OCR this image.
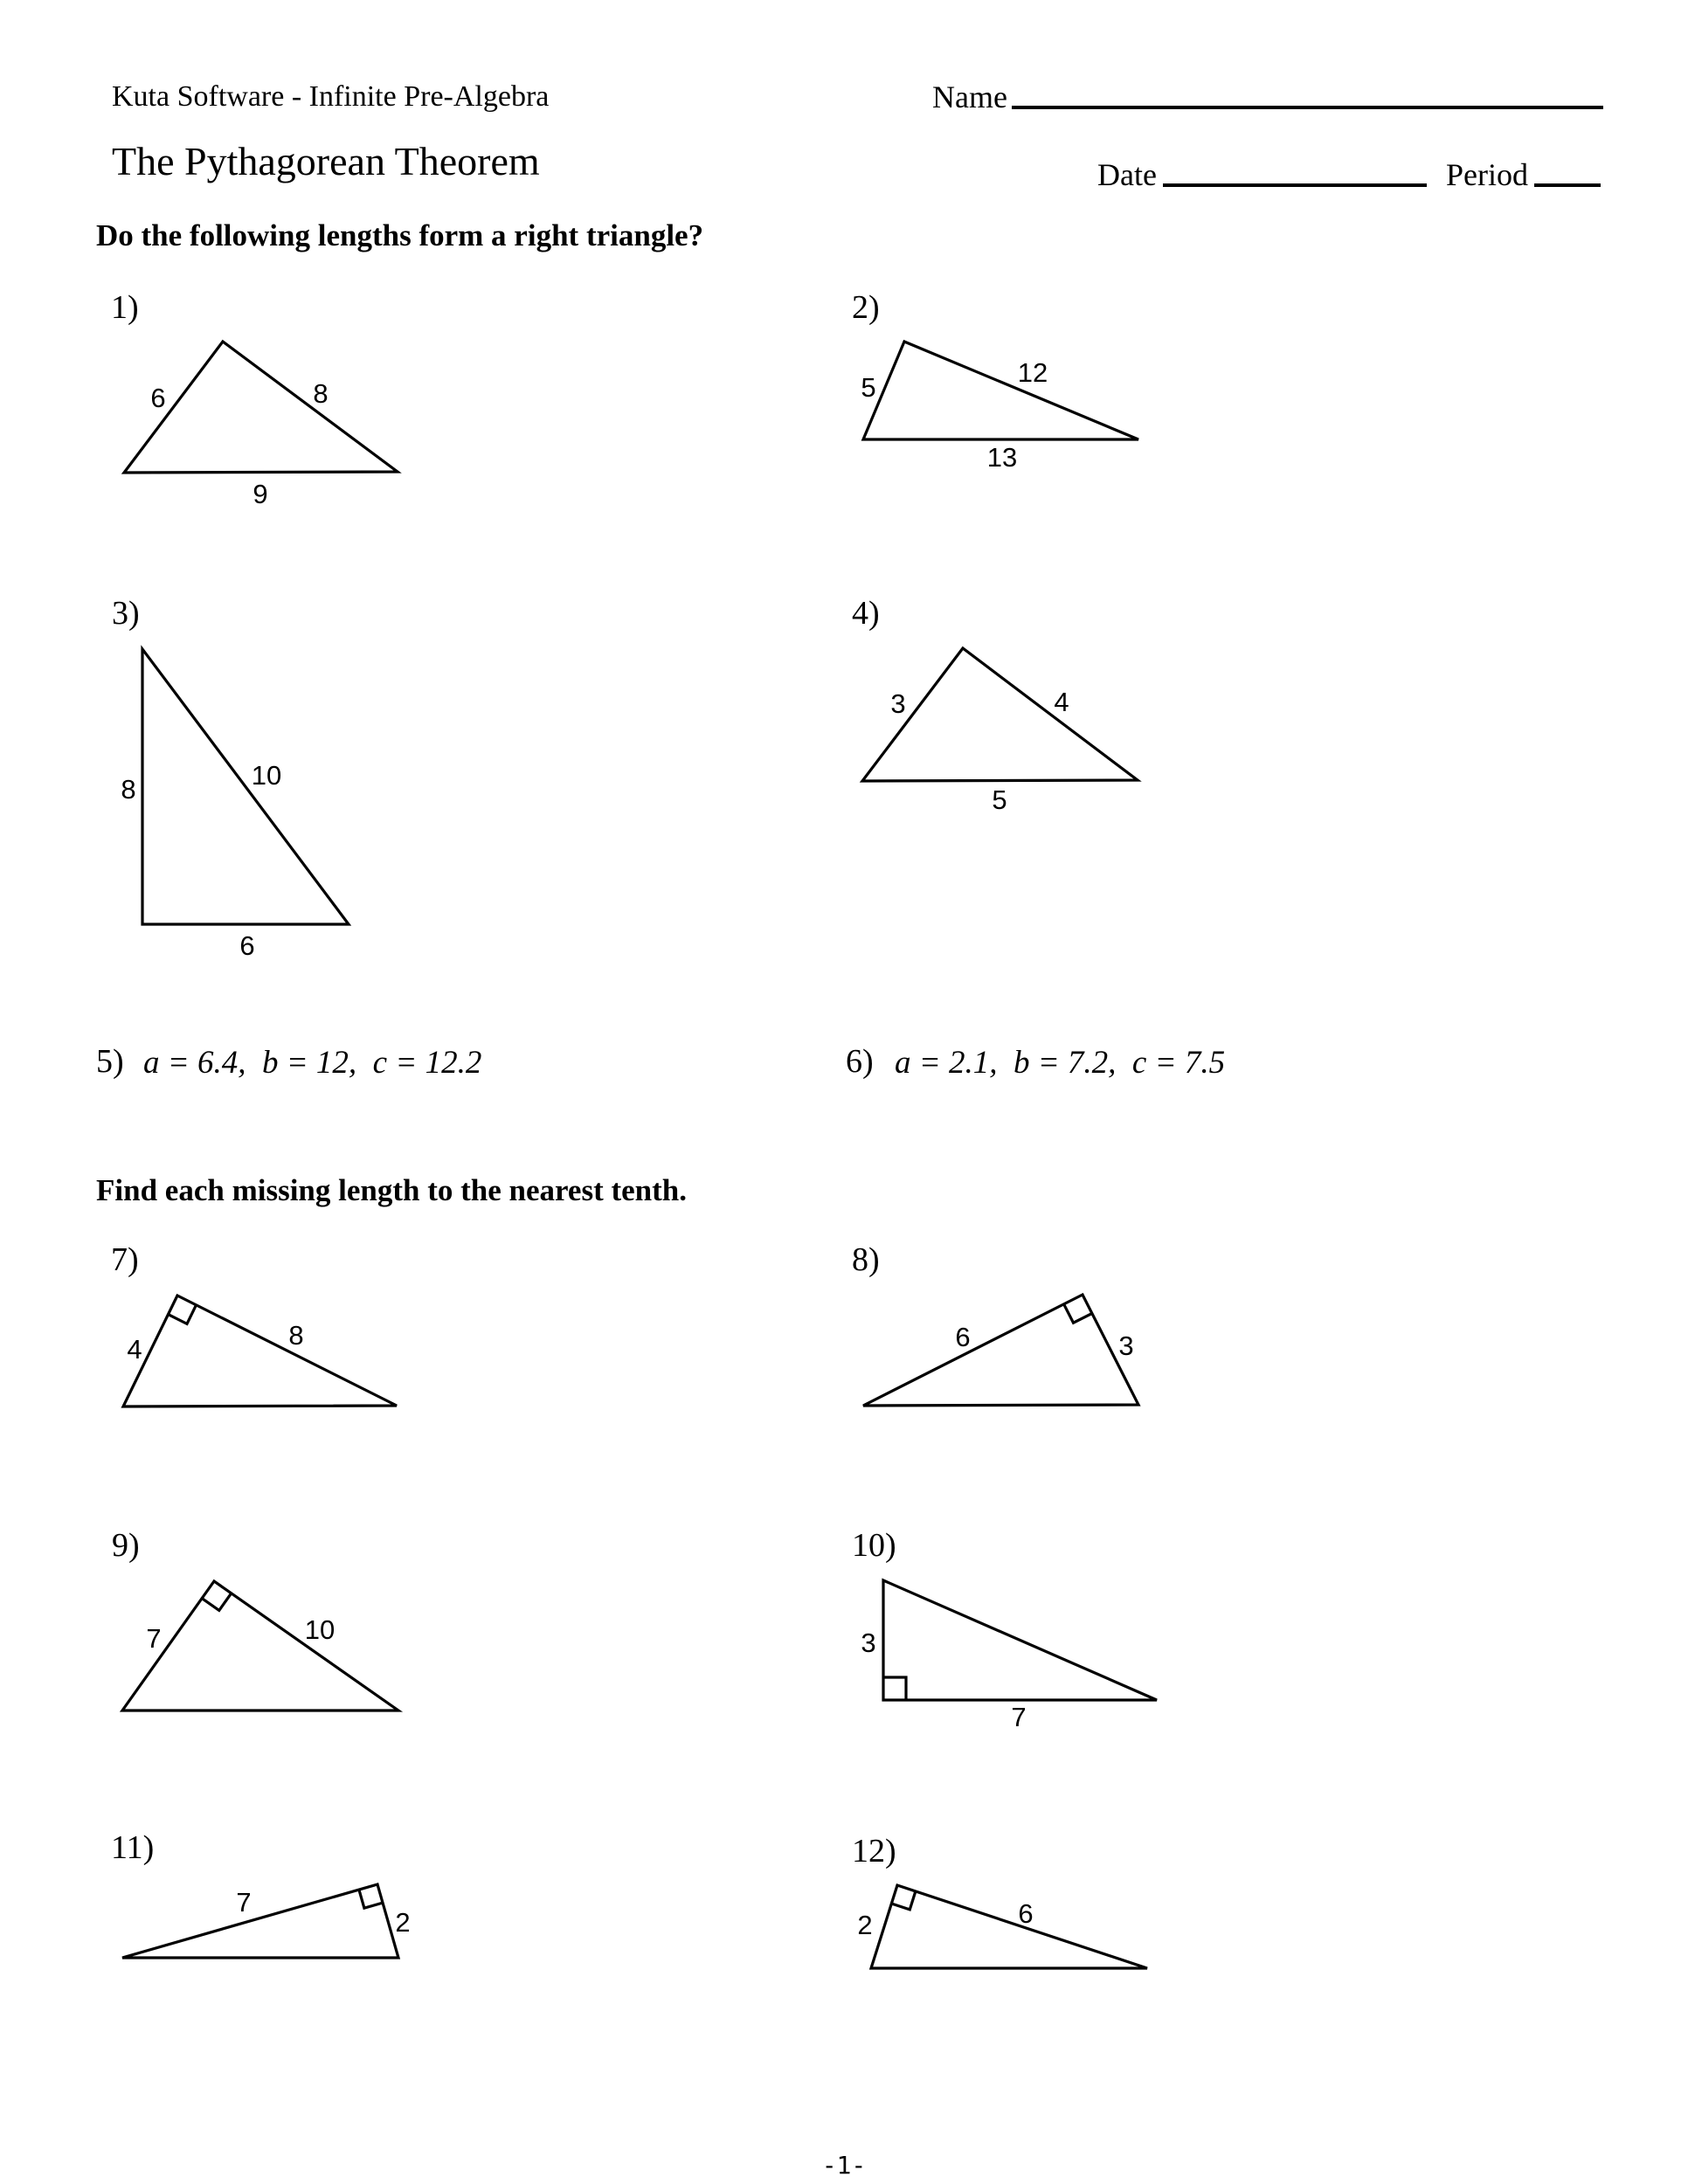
Kuta Software - Infinite Pre-Algebra	Name
The Pythagorean Theorem	Date	Period
Do the following lengths form a right triangle?
1)
6	8
9
2)
5	12
13
3)
8	10
6
4)
3	4
5
5) a = 6.4,  b = 12,  c = 12.2	6) a = 2.1,  b = 7.2,  c = 7.5
Find each missing length to the nearest tenth.
7)
4	8
8)
6	3
9)
7	10
10)
3
7
11)
7
2
12)
2	6
-1-
